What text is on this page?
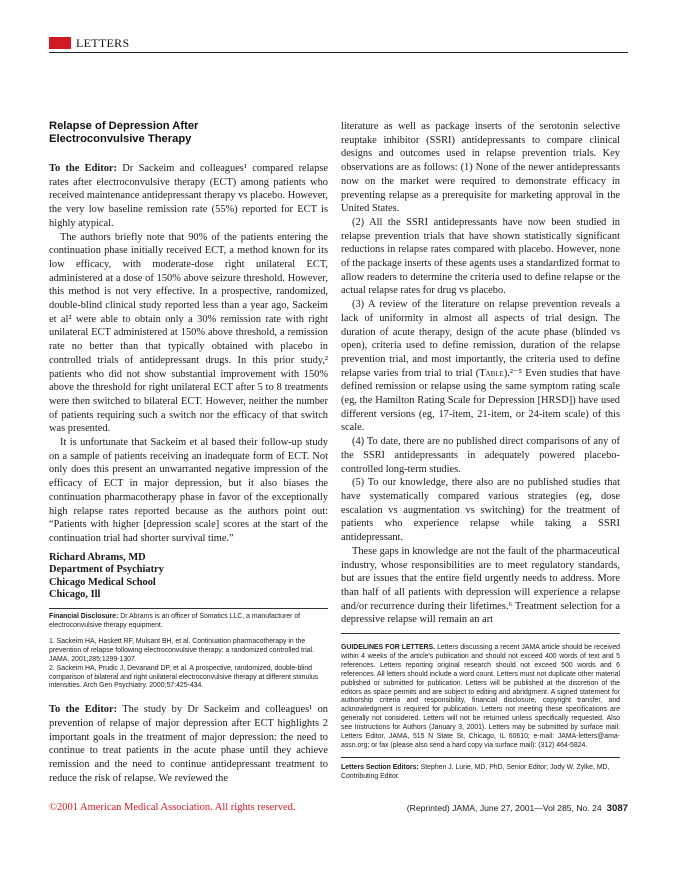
LETTERS

Relapse of Depression After
Electroconvulsive Therapy

To the Editor: Dr Sackeim and colleagues¹ compared relapse rates after electroconvulsive therapy (ECT) among patients who received maintenance antidepressant therapy vs placebo. However, the very low baseline remission rate (55%) reported for ECT is highly atypical.

The authors briefly note that 90% of the patients entering the continuation phase initially received ECT, a method known for its low efficacy, with moderate-dose right unilateral ECT, administered at a dose of 150% above seizure threshold. However, this method is not very effective. In a prospective, randomized, double-blind clinical study reported less than a year ago, Sackeim et al² were able to obtain only a 30% remission rate with right unilateral ECT administered at 150% above threshold, a remission rate no better than that typically obtained with placebo in controlled trials of antidepressant drugs. In this prior study,² patients who did not show substantial improvement with 150% above the threshold for right unilateral ECT after 5 to 8 treatments were then switched to bilateral ECT. However, neither the number of patients requiring such a switch nor the efficacy of that switch was presented.

It is unfortunate that Sackeim et al based their follow-up study on a sample of patients receiving an inadequate form of ECT. Not only does this present an unwarranted negative impression of the efficacy of ECT in major depression, but it also biases the continuation pharmacotherapy phase in favor of the exceptionally high relapse rates reported because as the authors point out: “Patients with higher [depression scale] scores at the start of the continuation trial had shorter survival time.”

Richard Abrams, MD
Department of Psychiatry
Chicago Medical School
Chicago, Ill

Financial Disclosure: Dr Abrams is an officer of Somatics LLC, a manufacturer of electroconvulsive therapy equipment.

1. Sackeim HA, Haskett RF, Mulsant BH, et al. Continuation pharmacotherapy in the prevention of relapse following electroconvulsive therapy: a randomized controlled trial. JAMA. 2001;285:1299-1307.
2. Sackeim HA, Prudic J, Devanand DP, et al. A prospective, randomized, double-blind comparison of bilateral and right unilateral electroconvulsive therapy at different stimulus intensities. Arch Gen Psychiatry. 2000;57:425-434.

To the Editor: The study by Dr Sackeim and colleagues¹ on prevention of relapse of major depression after ECT highlights 2 important goals in the treatment of major depression: the need to continue to treat patients in the acute phase until they achieve remission and the need to continue antidepressant treatment to reduce the risk of relapse. We reviewed the

literature as well as package inserts of the serotonin selective reuptake inhibitor (SSRI) antidepressants to compare clinical designs and outcomes used in relapse prevention trials. Key observations are as follows: (1) None of the newer antidepressants now on the market were required to demonstrate efficacy in preventing relapse as a prerequisite for marketing approval in the United States.

(2) All the SSRI antidepressants have now been studied in relapse prevention trials that have shown statistically significant reductions in relapse rates compared with placebo. However, none of the package inserts of these agents uses a standardized format to allow readers to determine the criteria used to define relapse or the actual relapse rates for drug vs placebo.

(3) A review of the literature on relapse prevention reveals a lack of uniformity in almost all aspects of trial design. The duration of acute therapy, design of the acute phase (blinded vs open), criteria used to define remission, duration of the relapse prevention trial, and most importantly, the criteria used to define relapse varies from trial to trial (Table).²⁻⁵ Even studies that have defined remission or relapse using the same symptom rating scale (eg, the Hamilton Rating Scale for Depression [HRSD]) have used different versions (eg, 17-item, 21-item, or 24-item scale) of this scale.

(4) To date, there are no published direct comparisons of any of the SSRI antidepressants in adequately powered placebo-controlled long-term studies.

(5) To our knowledge, there also are no published studies that have systematically compared various strategies (eg, dose escalation vs augmentation vs switching) for the treatment of patients who experience relapse while taking a SSRI antidepressant.

These gaps in knowledge are not the fault of the pharmaceutical industry, whose responsibilities are to meet regulatory standards, but are issues that the entire field urgently needs to address. More than half of all patients with depression will experience a relapse and/or recurrence during their lifetimes.⁶ Treatment selection for a depressive relapse will remain an art

GUIDELINES FOR LETTERS. Letters discussing a recent JAMA article should be received within 4 weeks of the article's publication and should not exceed 400 words of text and 5 references. Letters reporting original research should not exceed 500 words and 6 references. All letters should include a word count. Letters must not duplicate other material published or submitted for publication. Letters will be published at the discretion of the editors as space permits and are subject to editing and abridgment. A signed statement for authorship criteria and responsibility, financial disclosure, copyright transfer, and acknowledgment is required for publication. Letters not meeting these specifications are generally not considered. Letters will not be returned unless specifically requested. Also see Instructions for Authors (January 3, 2001). Letters may be submitted by surface mail: Letters Editor, JAMA, 515 N State St, Chicago, IL 60610; e-mail: JAMA-letters@ama-assn.org; or fax (please also send a hard copy via surface mail): (312) 464-5824.

Letters Section Editors: Stephen J. Lurie, MD, PhD, Senior Editor; Jody W. Zylke, MD, Contributing Editor.

©2001 American Medical Association. All rights reserved.	(Reprinted) JAMA, June 27, 2001—Vol 285, No. 24 3087
